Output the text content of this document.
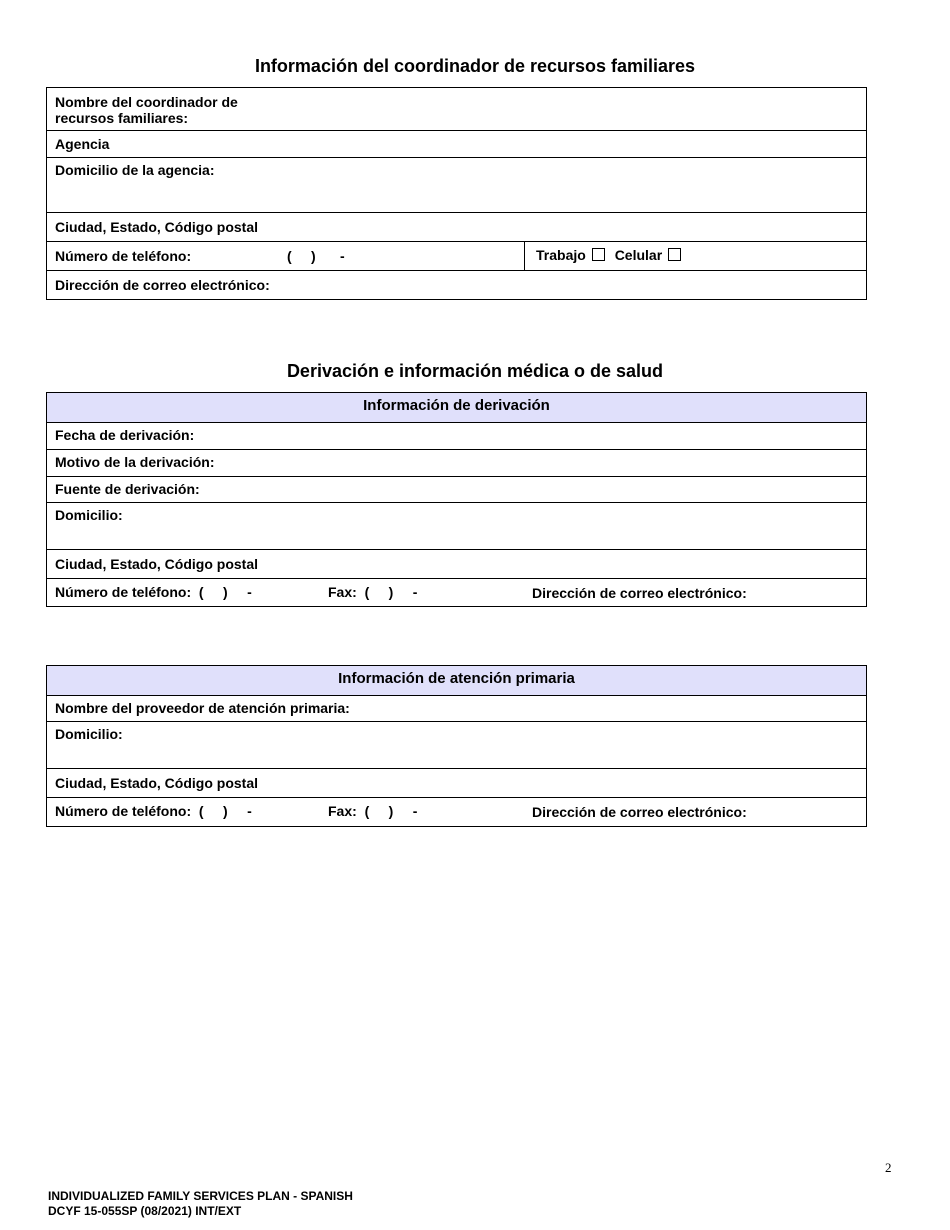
Información del coordinador de recursos familiares
Nombre del coordinador de
recursos familiares:
Agencia
Domicilio de la agencia:
Ciudad, Estado, Código postal
Número de teléfono:	( ) -	Trabajo Celular
Dirección de correo electrónico:
Derivación e información médica o de salud
Información de derivación
Fecha de derivación:
Motivo de la derivación:
Fuente de derivación:
Domicilio:
Ciudad, Estado, Código postal
Número de teléfono:  (     )     -	Fax:  (     )     -	Dirección de correo electrónico:
Información de atención primaria
Nombre del proveedor de atención primaria:
Domicilio:
Ciudad, Estado, Código postal
Número de teléfono:  (     )     -	Fax:  (     )     -	Dirección de correo electrónico:
2
INDIVIDUALIZED FAMILY SERVICES PLAN - SPANISH
DCYF 15-055SP (08/2021) INT/EXT
